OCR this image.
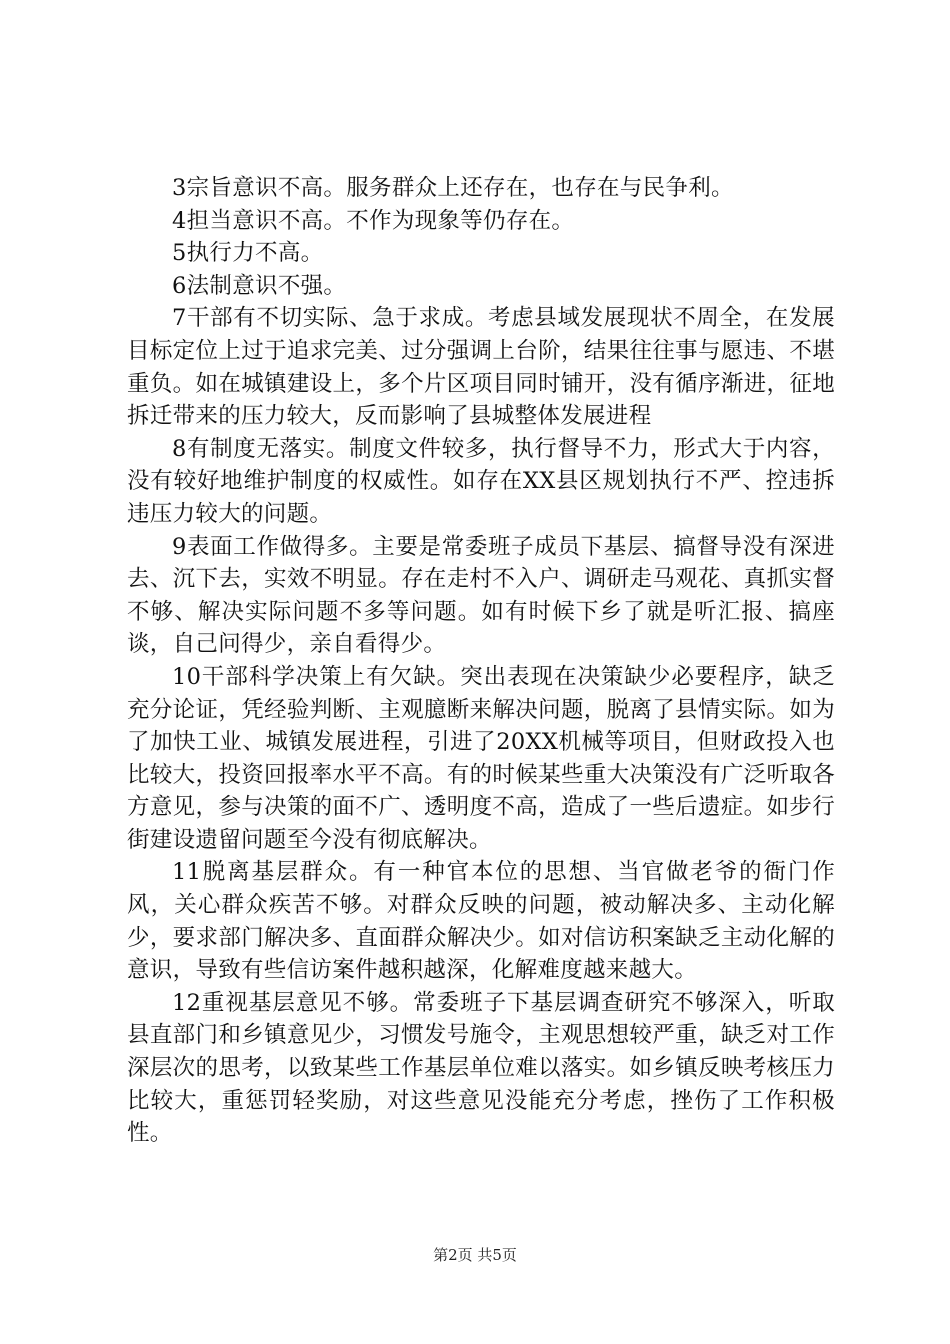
3宗旨意识不高。服务群众上还存在，也存在与民争利。

4担当意识不高。不作为现象等仍存在。

5执行力不高。

6法制意识不强。

7干部有不切实际、急于求成。考虑县域发展现状不周全，在发展目标定位上过于追求完美、过分强调上台阶，结果往往事与愿违、不堪重负。如在城镇建设上，多个片区项目同时铺开，没有循序渐进，征地拆迁带来的压力较大，反而影响了县城整体发展进程

8有制度无落实。制度文件较多，执行督导不力，形式大于内容，没有较好地维护制度的权威性。如存在XX县区规划执行不严、控违拆违压力较大的问题。

9表面工作做得多。主要是常委班子成员下基层、搞督导没有深进去、沉下去，实效不明显。存在走村不入户、调研走马观花、真抓实督不够、解决实际问题不多等问题。如有时候下乡了就是听汇报、搞座谈，自己问得少，亲自看得少。

10干部科学决策上有欠缺。突出表现在决策缺少必要程序，缺乏充分论证，凭经验判断、主观臆断来解决问题，脱离了县情实际。如为了加快工业、城镇发展进程，引进了20XX机械等项目，但财政投入也比较大，投资回报率水平不高。有的时候某些重大决策没有广泛听取各方意见，参与决策的面不广、透明度不高，造成了一些后遗症。如步行街建设遗留问题至今没有彻底解决。

11脱离基层群众。有一种官本位的思想、当官做老爷的衙门作风，关心群众疾苦不够。对群众反映的问题，被动解决多、主动化解少，要求部门解决多、直面群众解决少。如对信访积案缺乏主动化解的意识，导致有些信访案件越积越深，化解难度越来越大。

12重视基层意见不够。常委班子下基层调查研究不够深入，听取县直部门和乡镇意见少，习惯发号施令，主观思想较严重，缺乏对工作深层次的思考，以致某些工作基层单位难以落实。如乡镇反映考核压力比较大，重惩罚轻奖励，对这些意见没能充分考虑，挫伤了工作积极性。

第2页 共5页
